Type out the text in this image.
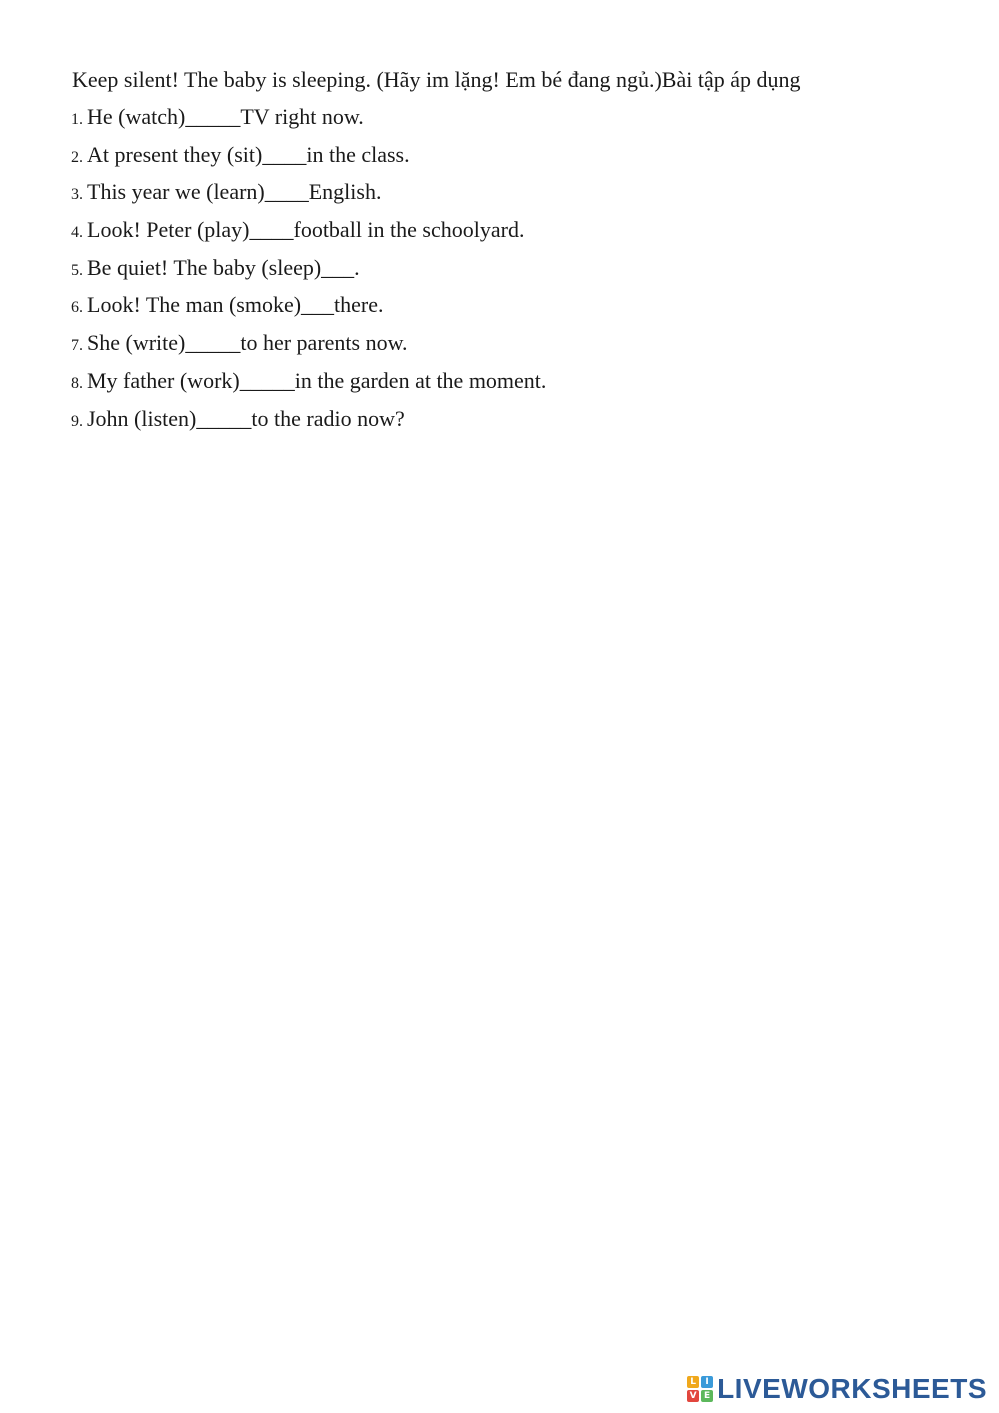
Keep silent! The baby is sleeping. (Hãy im lặng! Em bé đang ngủ.)Bài tập áp dụng
1. He (watch)_____TV right now.
2. At present they (sit)____in the class.
3. This year we (learn)____English.
4. Look! Peter (play)____football in the schoolyard.
5. Be quiet! The baby (sleep)___.
6. Look! The man (smoke)___there.
7. She (write)_____to her parents now.
8. My father (work)_____in the garden at the moment.
9. John (listen)_____to the radio now?
L	I
V E LIVEWORKSHEETS
